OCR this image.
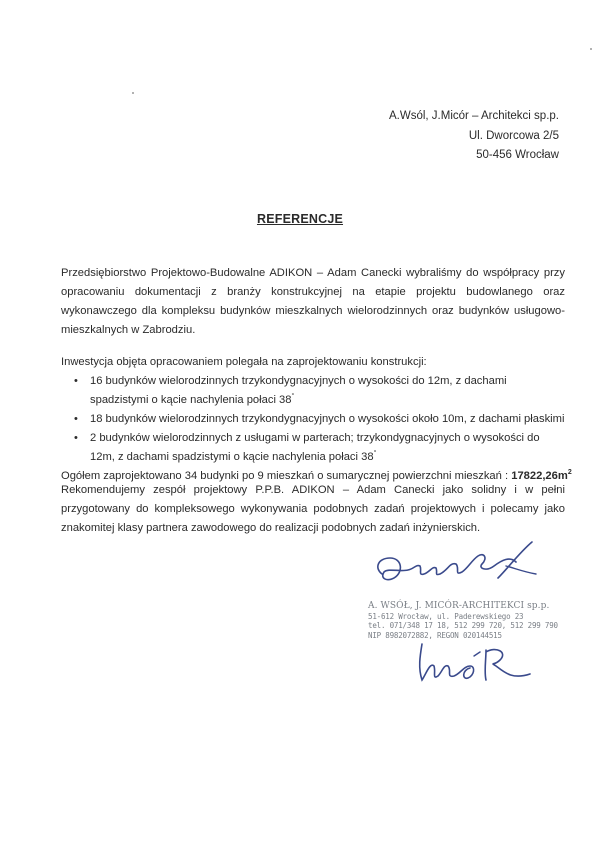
A.Wsól, J.Micór – Architekci sp.p.
Ul. Dworcowa 2/5
50-456 Wrocław
REFERENCJE
Przedsiębiorstwo Projektowo-Budowalne ADIKON – Adam Canecki wybraliśmy do współpracy przy opracowaniu dokumentacji z branży konstrukcyjnej na etapie projektu budowlanego oraz wykonawczego dla kompleksu budynków mieszkalnych wielorodzinnych oraz budynków usługowo-mieszkalnych w Zabrodziu.
Inwestycja objęta opracowaniem polegała na zaprojektowaniu konstrukcji:
• 16 budynków wielorodzinnych trzykondygnacyjnych o wysokości do 12m, z dachami spadzistymi o kącie nachylenia połaci 38°
• 18 budynków wielorodzinnych trzykondygnacyjnych o wysokości około 10m, z dachami płaskimi
• 2 budynków wielorodzinnych z usługami w parterach; trzykondygnacyjnych o wysokości do 12m, z dachami spadzistymi o kącie nachylenia połaci 38°
Ogółem zaprojektowano 34 budynki po 9 mieszkań o sumarycznej powierzchni mieszkań : $17822,26m^2$
Rekomendujemy zespół projektowy P.P.B. ADIKON – Adam Canecki jako solidny i w pełni przygotowany do kompleksowego wykonywania podobnych zadań projektowych i polecamy jako znakomitej klasy partnera zawodowego do realizacji podobnych zadań inżynierskich.
A. WSÓŁ, J. MICÓR-ARCHITEKCI sp.p.
51-612 Wrocław, ul. Paderewskiego 23
tel. 071/348 17 18, 512 299 720, 512 299 790
NIP 8982072882, REGON 020144515
